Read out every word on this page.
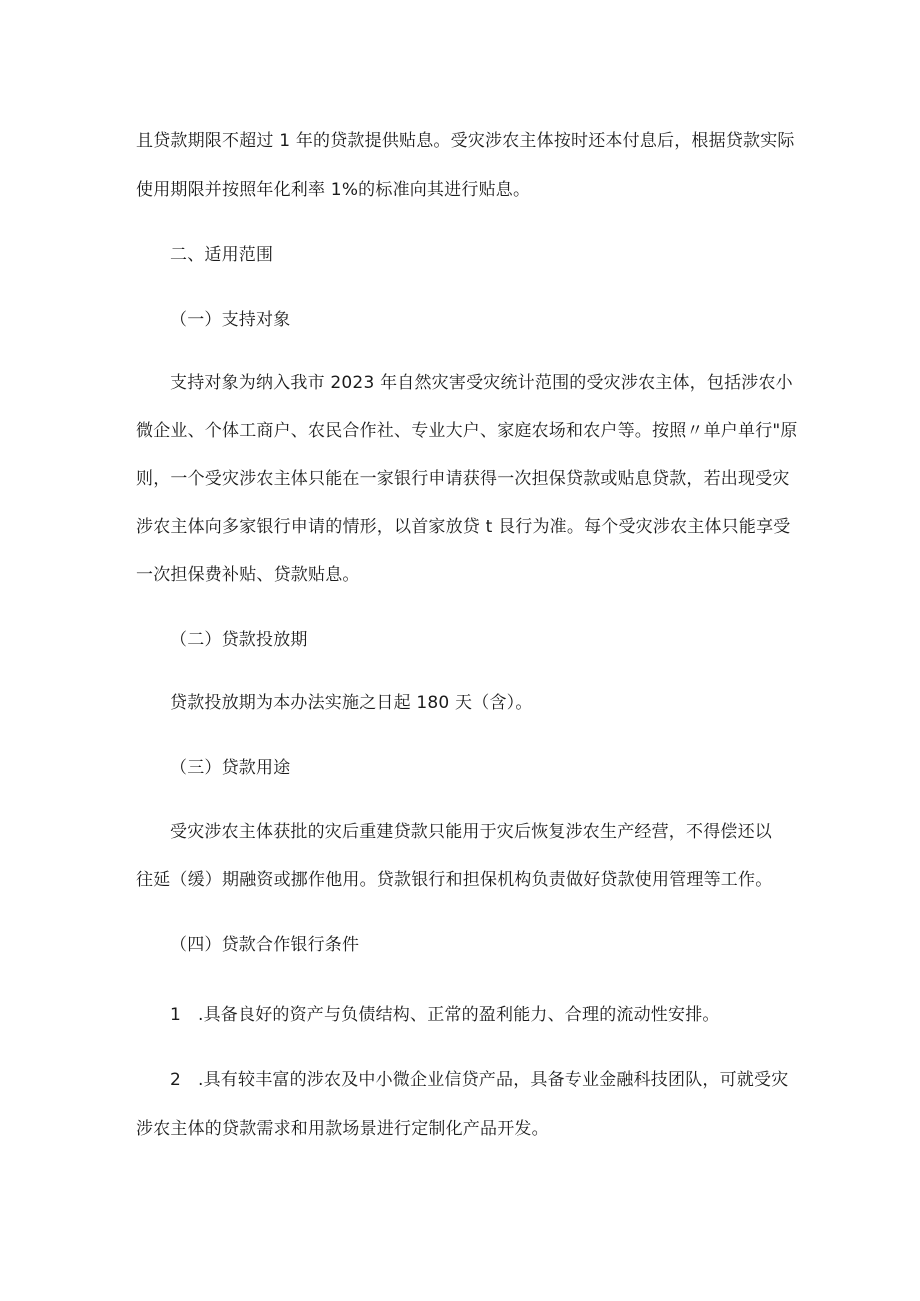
且贷款期限不超过 1 年的贷款提供贴息。受灾涉农主体按时还本付息后，根据贷款实际
使用期限并按照年化利率 1%的标准向其进行贴息。
二、适用范围
（一）支持对象
支持对象为纳入我市 2023 年自然灾害受灾统计范围的受灾涉农主体，包括涉农小
微企业、个体工商户、农民合作社、专业大户、家庭农场和农户等。按照〃单户单行"原
则，一个受灾涉农主体只能在一家银行申请获得一次担保贷款或贴息贷款，若出现受灾
涉农主体向多家银行申请的情形，以首家放贷 t 艮行为准。每个受灾涉农主体只能享受
一次担保费补贴、贷款贴息。
（二）贷款投放期
贷款投放期为本办法实施之日起 180 天（含）。
（三）贷款用途
受灾涉农主体获批的灾后重建贷款只能用于灾后恢复涉农生产经营，不得偿还以
往延（缓）期融资或挪作他用。贷款银行和担保机构负责做好贷款使用管理等工作。
（四）贷款合作银行条件
1 .具备良好的资产与负债结构、正常的盈利能力、合理的流动性安排。
2 .具有较丰富的涉农及中小微企业信贷产品，具备专业金融科技团队，可就受灾
涉农主体的贷款需求和用款场景进行定制化产品开发。
